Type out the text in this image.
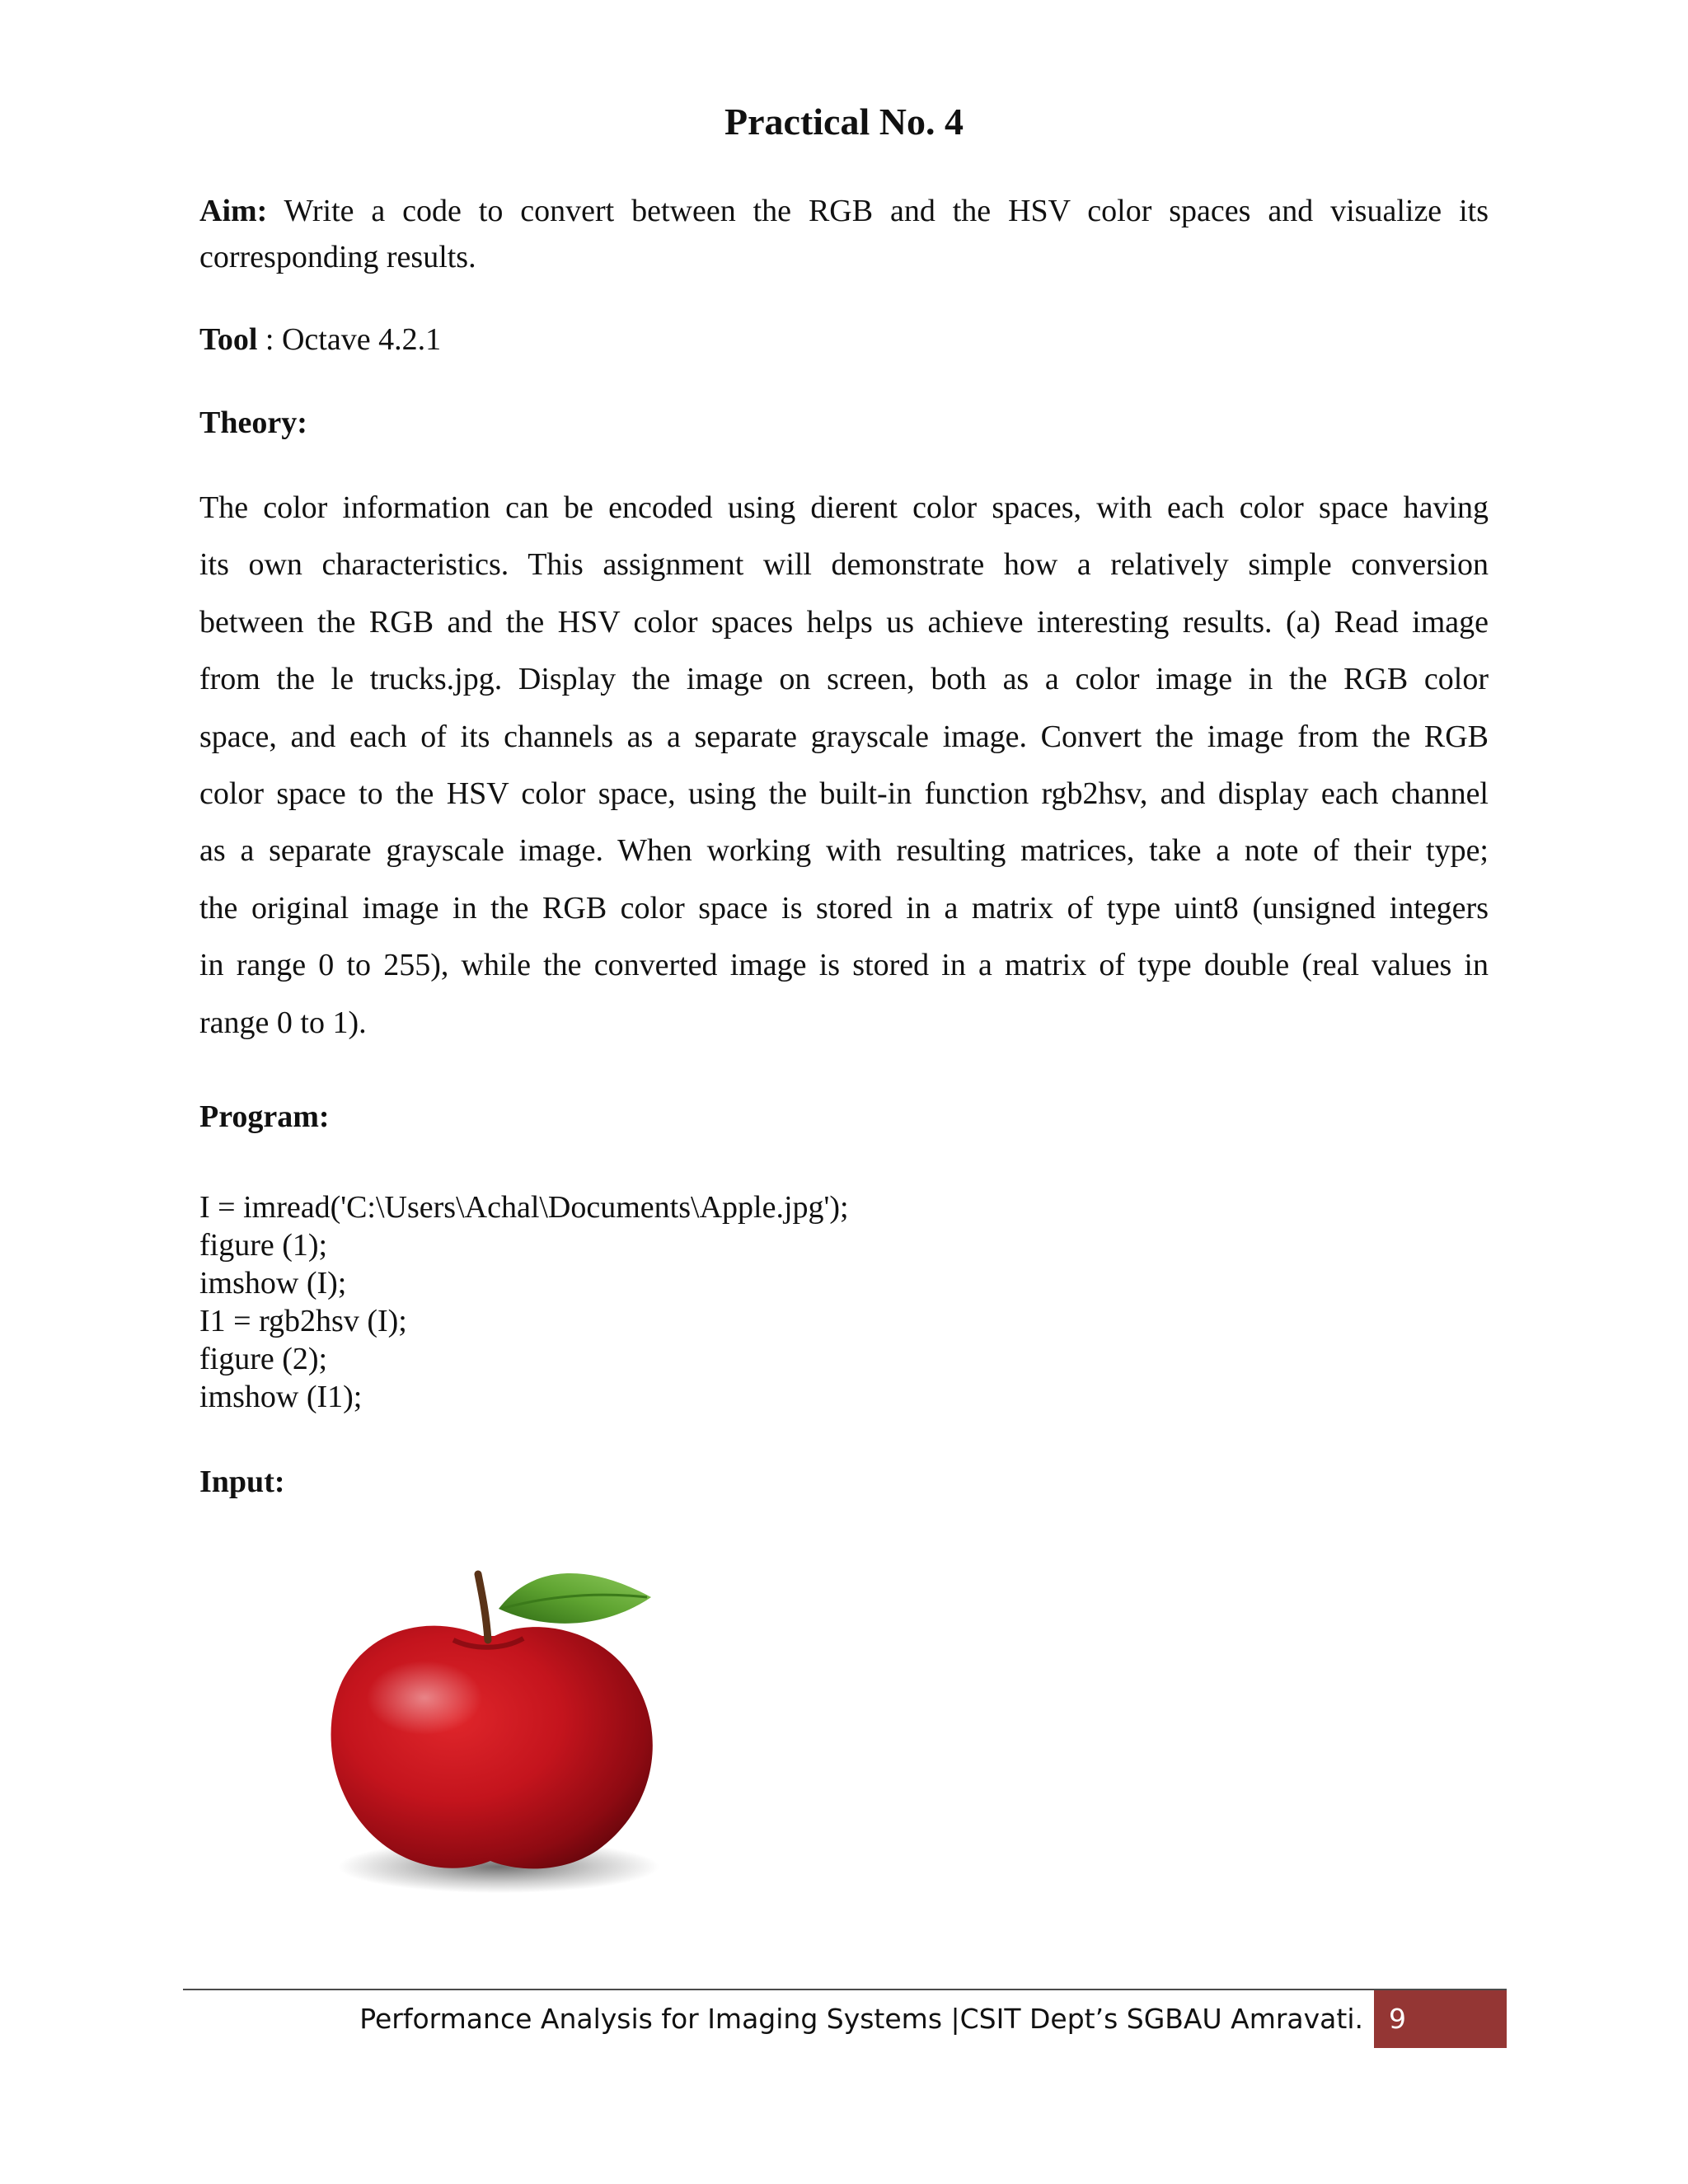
Practical No. 4
Aim: Write a code to convert between the RGB and the HSV color spaces and visualize its
corresponding results.
Tool : Octave 4.2.1
Theory:
The color information can be encoded using dierent color spaces, with each color space having
its own characteristics. This assignment will demonstrate how a relatively simple conversion
between the RGB and the HSV color spaces helps us achieve interesting results. (a) Read image
from the le trucks.jpg. Display the image on screen, both as a color image in the RGB color
space, and each of its channels as a separate grayscale image. Convert the image from the RGB
color space to the HSV color space, using the built-in function rgb2hsv, and display each channel
as a separate grayscale image. When working with resulting matrices, take a note of their type;
the original image in the RGB color space is stored in a matrix of type uint8 (unsigned integers
in range 0 to 255), while the converted image is stored in a matrix of type double (real values in
range 0 to 1).
Program:
I = imread('C:\Users\Achal\Documents\Apple.jpg');
figure (1);
imshow (I);
I1 = rgb2hsv (I);
figure (2);
imshow (I1);
Input:
Performance Analysis for Imaging Systems |CSIT Dept’s SGBAU Amravati. 9
